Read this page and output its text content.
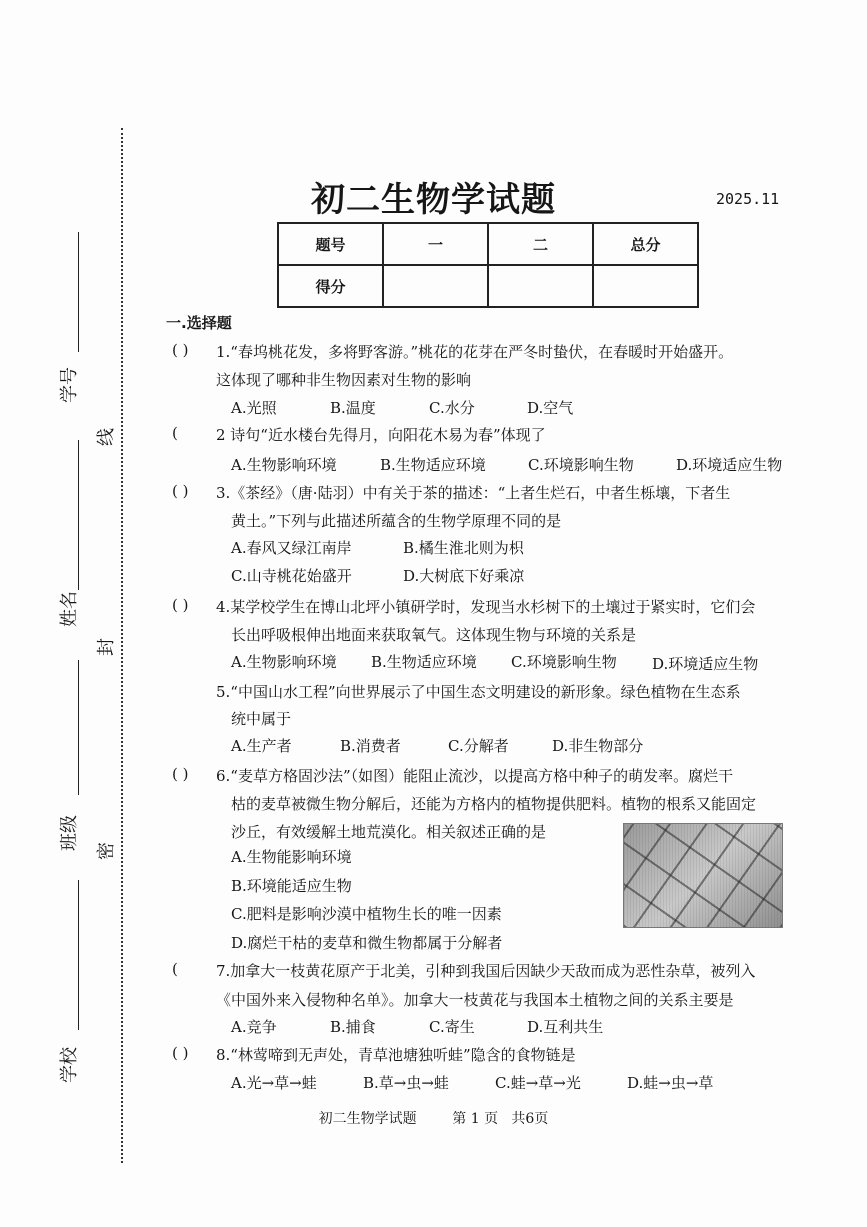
学号
姓名
班级
学校
线
封
密
初二生物学试题	2025.11
题号	一	二	总分
得分			
一.选择题
( ) 1.“春坞桃花发，多将野客游。”桃花的花芽在严冬时蛰伏，在春暖时开始盛开。
这体现了哪种非生物因素对生物的影响
A.光照	B.温度	C.水分	D.空气
(	2 诗句“近水楼台先得月，向阳花木易为春”体现了
A.生物影响环境	B.生物适应环境	C.环境影响生物	D.环境适应生物
( ) 3.《茶经》（唐·陆羽）中有关于茶的描述：“上者生烂石，中者生栎壤，下者生
黄土。”下列与此描述所蕴含的生物学原理不同的是
A.春风又绿江南岸	B.橘生淮北则为枳
C.山寺桃花始盛开	D.大树底下好乘凉
( ) 4.某学校学生在博山北坪小镇研学时，发现当水杉树下的土壤过于紧实时，它们会
长出呼吸根伸出地面来获取氧气。这体现生物与环境的关系是
A.生物影响环境 B.生物适应环境 C.环境影响生物 D.环境适应生物
5.“中国山水工程”向世界展示了中国生态文明建设的新形象。绿色植物在生态系
统中属于
A.生产者	B.消费者	C.分解者	D.非生物部分
( ) 6.“麦草方格固沙法”（如图）能阻止流沙，以提高方格中种子的萌发率。腐烂干
枯的麦草被微生物分解后，还能为方格内的植物提供肥料。植物的根系又能固定
沙丘，有效缓解土地荒漠化。相关叙述正确的是
A.生物能影响环境
B.环境能适应生物
C.肥料是影响沙漠中植物生长的唯一因素
D.腐烂干枯的麦草和微生物都属于分解者
(	7.加拿大一枝黄花原产于北美，引种到我国后因缺少天敌而成为恶性杂草，被列入
《中国外来入侵物种名单》。加拿大一枝黄花与我国本土植物之间的关系主要是
A.竞争	B.捕食	C.寄生	D.互利共生
( ) 8.“林莺啼到无声处，青草池塘独听蛙”隐含的食物链是
A.光→草→蛙	B.草→虫→蛙	C.蛙→草→光	D.蛙→虫→草
初二生物学试题        第 1 页   共6页
